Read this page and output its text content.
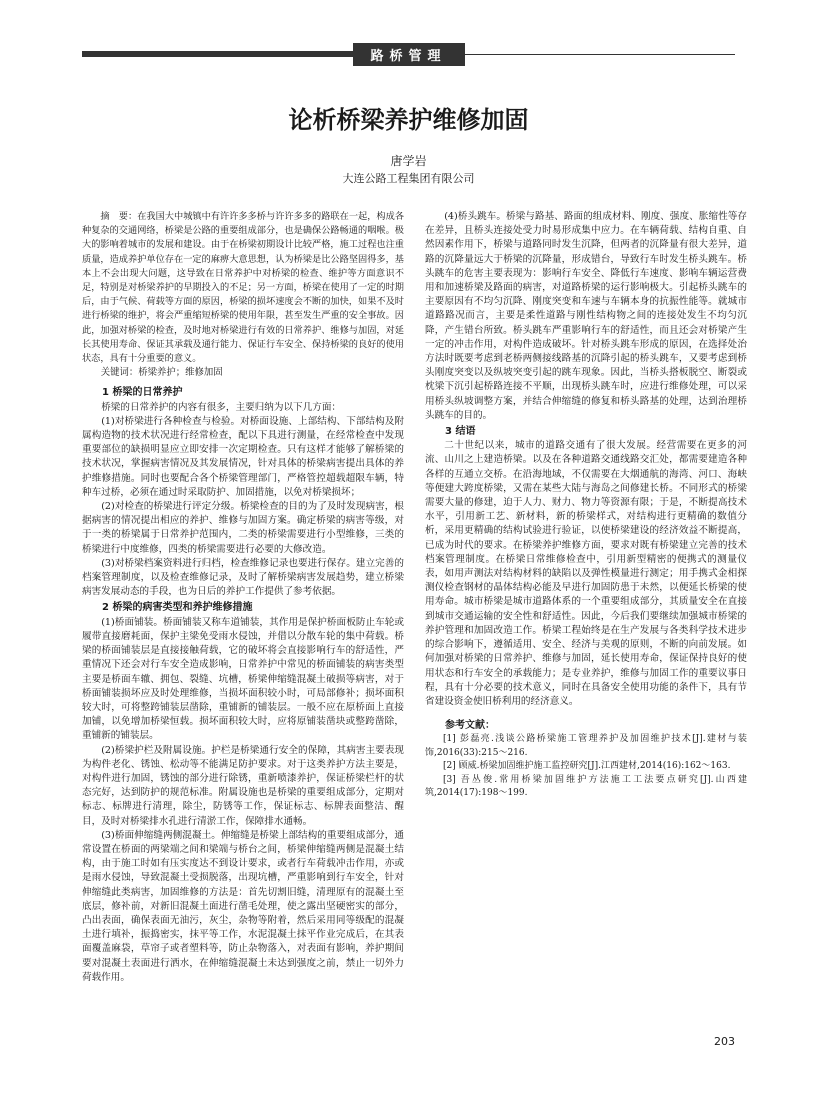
路桥管理
论析桥梁养护维修加固
唐学岩
大连公路工程集团有限公司

摘　要：在我国大中城镇中有许许多多桥与许许多多的路联在一起，构成各种复杂的交通网络，桥梁是公路的重要组成部分，也是确保公路畅通的咽喉。极大的影响着城市的发展和建设。由于在桥梁初期设计比较严格，施工过程也注重质量，造成养护单位存在一定的麻痹大意思想，认为桥梁是比公路坚固得多，基本上不会出现大问题，这导致在日常养护中对桥梁的检查、维护等方面意识不足，特别是对桥梁养护的早期投入的不足；另一方面，桥梁在使用了一定的时期后，由于气候、荷载等方面的原因，桥梁的损坏速度会不断的加快，如果不及时进行桥梁的维护，将会严重缩短桥梁的使用年限，甚至发生严重的安全事故。因此，加强对桥梁的检查，及时地对桥梁进行有效的日常养护、维修与加固，对延长其使用寿命、保证其承载及通行能力、保证行车安全、保持桥梁的良好的使用状态，具有十分重要的意义。

关键词：桥梁养护；维修加固

1 桥梁的日常养护

桥梁的日常养护的内容有很多，主要归纳为以下几方面：

(1)对桥梁进行各种检查与检验。对桥面设施、上部结构、下部结构及附属构造物的技术状况进行经常检查，配以下具进行测量，在经常检查中发现重要部位的缺损明显应立即安排一次定期检查。只有这样才能够了解桥梁的技术状况，掌握病害情况及其发展情况，针对具体的桥梁病害提出具体的养护维修措施。同时也要配合各个桥梁管理部门，严格管控超载超限车辆，特种车过桥，必须在通过时采取防护、加固措施，以免对桥梁损坏；

(2)对检查的桥梁进行评定分级。桥梁检查的目的为了及时发现病害，根据病害的情况提出相应的养护、维修与加固方案。确定桥梁的病害等级，对于一类的桥梁属于日常养护范围内，二类的桥梁需要进行小型维修，三类的桥梁进行中度维修，四类的桥梁需要进行必要的大修改造。

(3)对桥梁档案资料进行归档，检查维修记录也要进行保存。建立完善的档案管理制度，以及检查维修记录，及时了解桥梁病害发展趋势，建立桥梁病害发展动态的手段，也为日后的养护工作提供了参考依据。

2 桥梁的病害类型和养护维修措施

(1)桥面铺装。桥面铺装又称车道铺装，其作用是保护桥面板防止车轮或履带直接磨耗面，保护主梁免受雨水侵蚀，并借以分散车轮的集中荷载。桥梁的桥面铺装层是直接接触荷载，它的破坏将会直接影响行车的舒适性，严重情况下还会对行车安全造成影响，日常养护中常见的桥面铺装的病害类型主要是桥面车辙、拥包、裂缝、坑槽，桥梁伸缩缝混凝土破损等病害，对于桥面铺装损坏应及时处理维修，当损坏面积较小时，可局部修补；损坏面积较大时，可将整跨铺装层凿除，重铺新的铺装层。一般不应在原桥面上直接加铺，以免增加桥梁恒载。损坏面积较大时，应将原铺装凿块或整跨凿除，重铺新的铺装层。

(2)桥梁护栏及附属设施。护栏是桥梁通行安全的保障，其病害主要表现为构件老化、锈蚀、松动等不能满足防护要求。对于这类养护方法主要是，对构件进行加固，锈蚀的部分进行除锈，重新喷漆养护，保证桥梁栏杆的状态完好，达到防护的规范标准。附属设施也是桥梁的重要组成部分，定期对标志、标牌进行清理，除尘，防锈等工作，保证标志、标牌表面整洁、醒目，及时对桥梁排水孔进行清淤工作，保障排水通畅。

(3)桥面伸缩缝两侧混凝土。伸缩缝是桥梁上部结构的重要组成部分，通常设置在桥面的两梁端之间和梁端与桥台之间，桥梁伸缩缝两侧是混凝土结构，由于施工时如有压实度达不到设计要求，或者行车荷载冲击作用，亦或是雨水侵蚀，导致混凝土受损脱落，出现坑槽，严重影响到行车安全，针对伸缩缝此类病害，加固维修的方法是：首先切割旧缝，清理原有的混凝土至底层，修补前，对新旧混凝土面进行凿毛处理，使之露出坚硬密实的部分，凸出表面，确保表面无油污，灰尘，杂物等附着，然后采用同等级配的混凝土进行填补，振捣密实，抹平等工作，水泥混凝土抹平作业完成后，在其表面覆盖麻袋，草帘子或者塑料等，防止杂物落入，对表面有影响，养护期间要对混凝土表面进行洒水，在伸缩缝混凝土未达到强度之前，禁止一切外力荷载作用。

(4)桥头跳车。桥梁与路基、路面的组成材料、刚度、强度、胀缩性等存在差异，且桥头连接处受力时易形成集中应力。在车辆荷载、结构自重、自然因素作用下，桥梁与道路同时发生沉降，但两者的沉降量有很大差异，道路的沉降量远大于桥梁的沉降量，形成错台，导致行车时发生桥头跳车。桥头跳车的危害主要表现为：影响行车安全、降低行车速度、影响车辆运营费用和加速桥梁及路面的病害，对道路桥梁的运行影响极大。引起桥头跳车的主要原因有不均匀沉降、刚度突变和车速与车辆本身的抗振性能等。就城市道路路况而言，主要是柔性道路与刚性结构物之间的连接处发生不均匀沉降，产生错台所致。桥头跳车严重影响行车的舒适性，而且还会对桥梁产生一定的冲击作用，对构件造成破坏。针对桥头跳车形成的原因，在选择处治方法时既要考虑到老桥两侧接线路基的沉降引起的桥头跳车，又要考虑到桥头刚度突变以及纵坡突变引起的跳车现象。因此，当桥头搭板脱空、断裂或枕梁下沉引起桥路连接不平顺，出现桥头跳车时，应进行维修处理，可以采用桥头纵坡调整方案，并结合伸缩缝的修复和桥头路基的处理，达到治理桥头跳车的目的。

3 结语

二十世纪以来，城市的道路交通有了很大发展。经营需要在更多的河流、山川之上建造桥梁。以及在各种道路交通线路交汇处，都需要建造各种各样的互通立交桥。在沿海地域，不仅需要在大烟通航的海湾、河口、海峡等便建大跨度桥梁，又需在某些大陆与海岛之间修建长桥。不同形式的桥梁需要大量的修建，迫于人力、财力、物力等资源有限；于是，不断提高技术水平，引用新工艺、新材料，新的桥梁样式，对结构进行更精确的数值分析，采用更精确的结构试验进行验证，以使桥梁建设的经济效益不断提高，已成为时代的要求。在桥梁养护维修方面，要求对既有桥梁建立完善的技术档案管理制度。在桥梁日常维修检查中，引用新型精密的便携式的测量仪表，如用声测法对结构材料的缺陷以及弹性模量进行测定；用手携式金相探测仪检查钢材的晶体结构必能及早进行加固防患于未然，以便延长桥梁的使用寿命。城市桥梁是城市道路体系的一个重要组成部分，其质量安全在直接到城市交通运输的安全性和舒适性。因此，今后我们要继续加强城市桥梁的养护管理和加固改造工作。桥梁工程始终是在生产发展与各类科学技术进步的综合影响下，遵循适用、安全、经济与美观的原则，不断的向前发展。如何加强对桥梁的日常养护、维修与加固，延长使用寿命，保证保持良好的使用状态和行车安全的承载能力；是专业养护，维修与加固工作的重要议事日程，具有十分必要的技术意义，同时在具备安全使用功能的条件下，具有节省建设资金使旧桥利用的经济意义。

参考文献：

[1] 彭磊亮.浅谈公路桥梁施工管理养护及加固维护技术[J].建材与装饰,2016(33):215～216.

[2] 顾威.桥梁加固维护施工监控研究[J].江西建材,2014(16):162～163.

[3] 吾丛俊.常用桥梁加固维护方法施工工法要点研究[J].山西建筑,2014(17):198～199.

203
